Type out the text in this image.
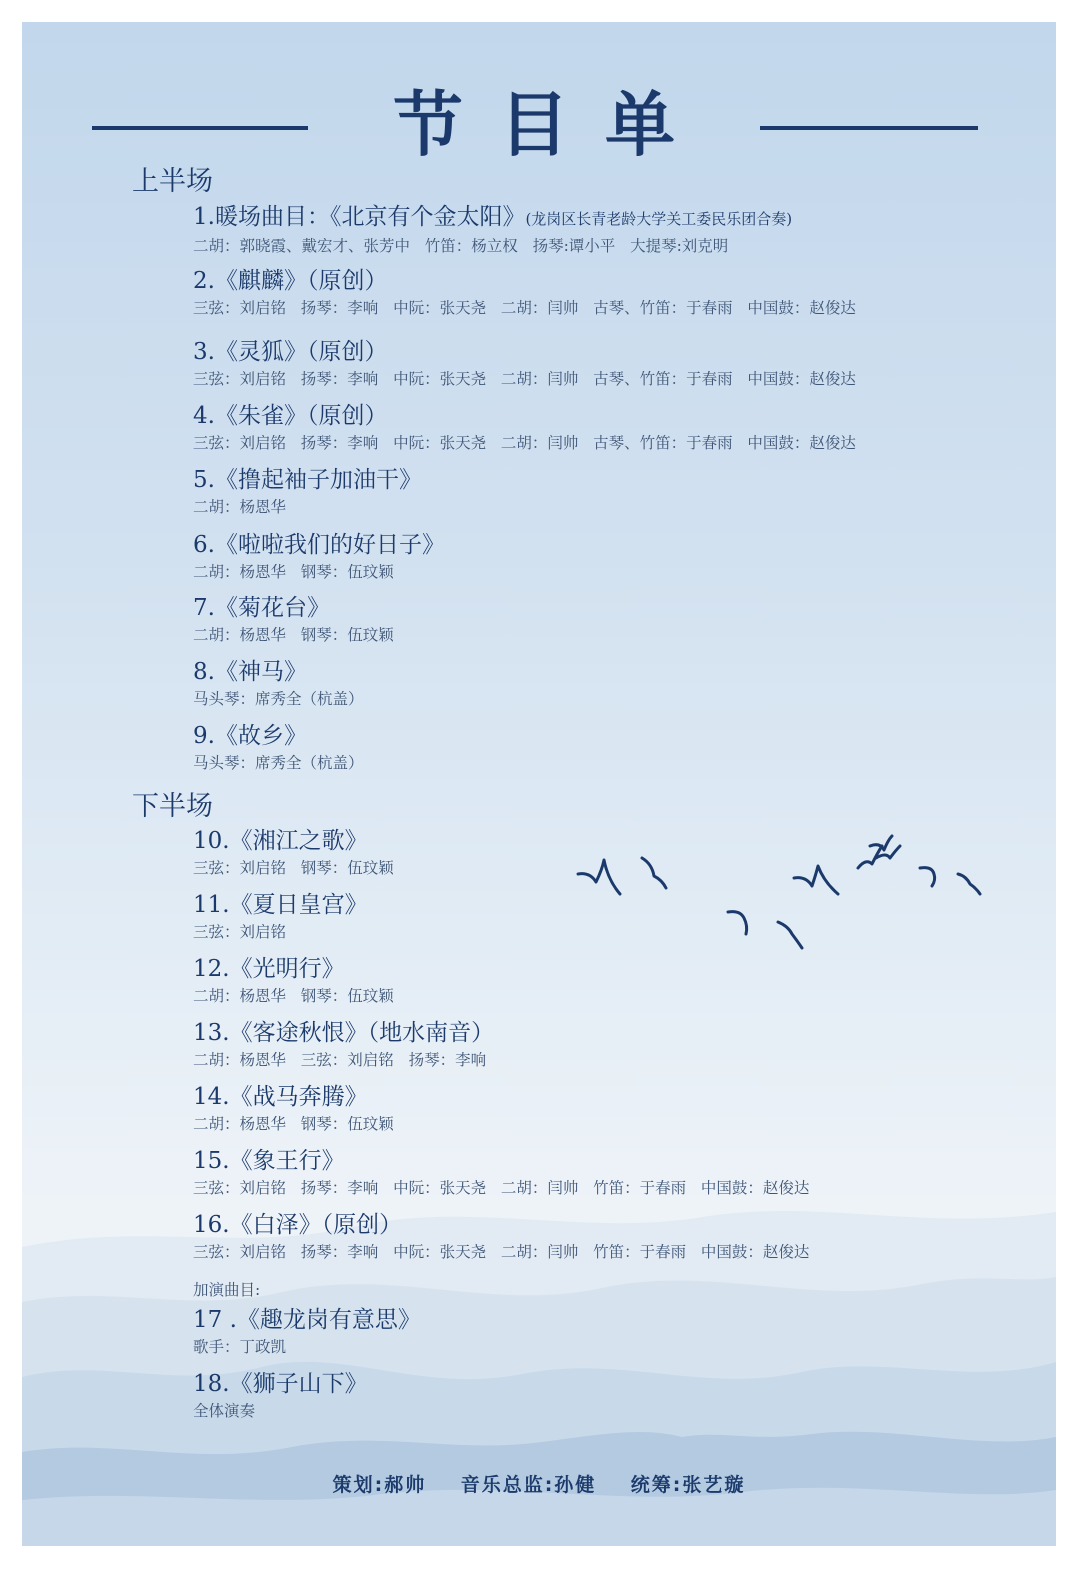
节目单
上半场
1.暖场曲目：《北京有个金太阳》(龙岗区长青老龄大学关工委民乐团合奏)
二胡：郭晓霞、戴宏才、张芳中   竹笛：杨立权   扬琴:谭小平   大提琴:刘克明
2.《麒麟》（原创）
三弦：刘启铭   扬琴：李响   中阮：张天尧   二胡：闫帅   古琴、竹笛：于春雨   中国鼓：赵俊达
3.《灵狐》（原创）
三弦：刘启铭   扬琴：李响   中阮：张天尧   二胡：闫帅   古琴、竹笛：于春雨   中国鼓：赵俊达
4.《朱雀》（原创）
三弦：刘启铭   扬琴：李响   中阮：张天尧   二胡：闫帅   古琴、竹笛：于春雨   中国鼓：赵俊达
5.《撸起袖子加油干》
二胡：杨恩华
6.《啦啦我们的好日子》
二胡：杨恩华   钢琴：伍玟颖
7.《菊花台》
二胡：杨恩华   钢琴：伍玟颖
8.《神马》
马头琴：席秀全（杭盖）
9.《故乡》
马头琴：席秀全（杭盖）
下半场
10.《湘江之歌》
三弦：刘启铭   钢琴：伍玟颖
11.《夏日皇宫》
三弦：刘启铭
12.《光明行》
二胡：杨恩华   钢琴：伍玟颖
13.《客途秋恨》（地水南音）
二胡：杨恩华   三弦：刘启铭   扬琴：李响
14.《战马奔腾》
二胡：杨恩华   钢琴：伍玟颖
15.《象王行》
三弦：刘启铭   扬琴：李响   中阮：张天尧   二胡：闫帅   竹笛：于春雨   中国鼓：赵俊达
16.《白泽》（原创）
三弦：刘启铭   扬琴：李响   中阮：张天尧   二胡：闫帅   竹笛：于春雨   中国鼓：赵俊达
加演曲目:
17 .《趣龙岗有意思》
歌手：丁政凯
18.《狮子山下》
全体演奏
策划:郝帅    音乐总监:孙健    统筹:张艺璇
